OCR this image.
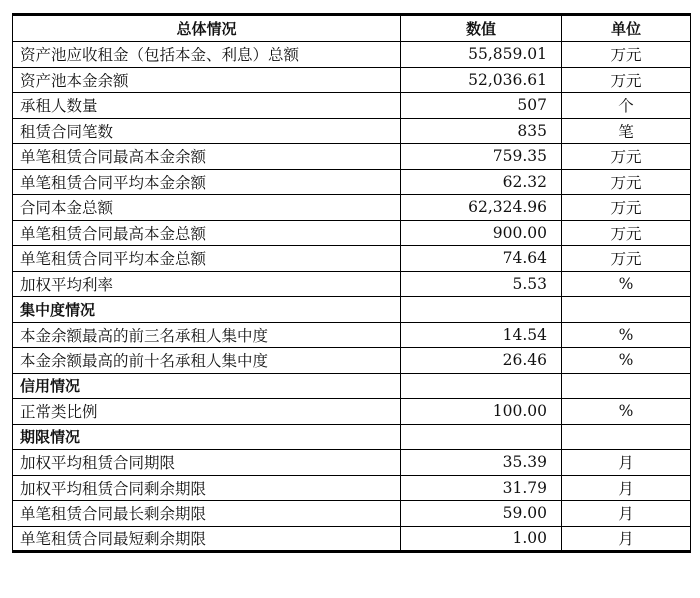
总体情况	数值	单位
资产池应收租金（包括本金、利息）总额	55,859.01	万元
资产池本金余额	52,036.61	万元
承租人数量	507	个
租赁合同笔数	835	笔
单笔租赁合同最高本金余额	759.35	万元
单笔租赁合同平均本金余额	62.32	万元
合同本金总额	62,324.96	万元
单笔租赁合同最高本金总额	900.00	万元
单笔租赁合同平均本金总额	74.64	万元
加权平均利率	5.53	%
集中度情况		
本金余额最高的前三名承租人集中度	14.54	%
本金余额最高的前十名承租人集中度	26.46	%
信用情况		
正常类比例	100.00	%
期限情况		
加权平均租赁合同期限	35.39	月
加权平均租赁合同剩余期限	31.79	月
单笔租赁合同最长剩余期限	59.00	月
单笔租赁合同最短剩余期限	1.00	月
